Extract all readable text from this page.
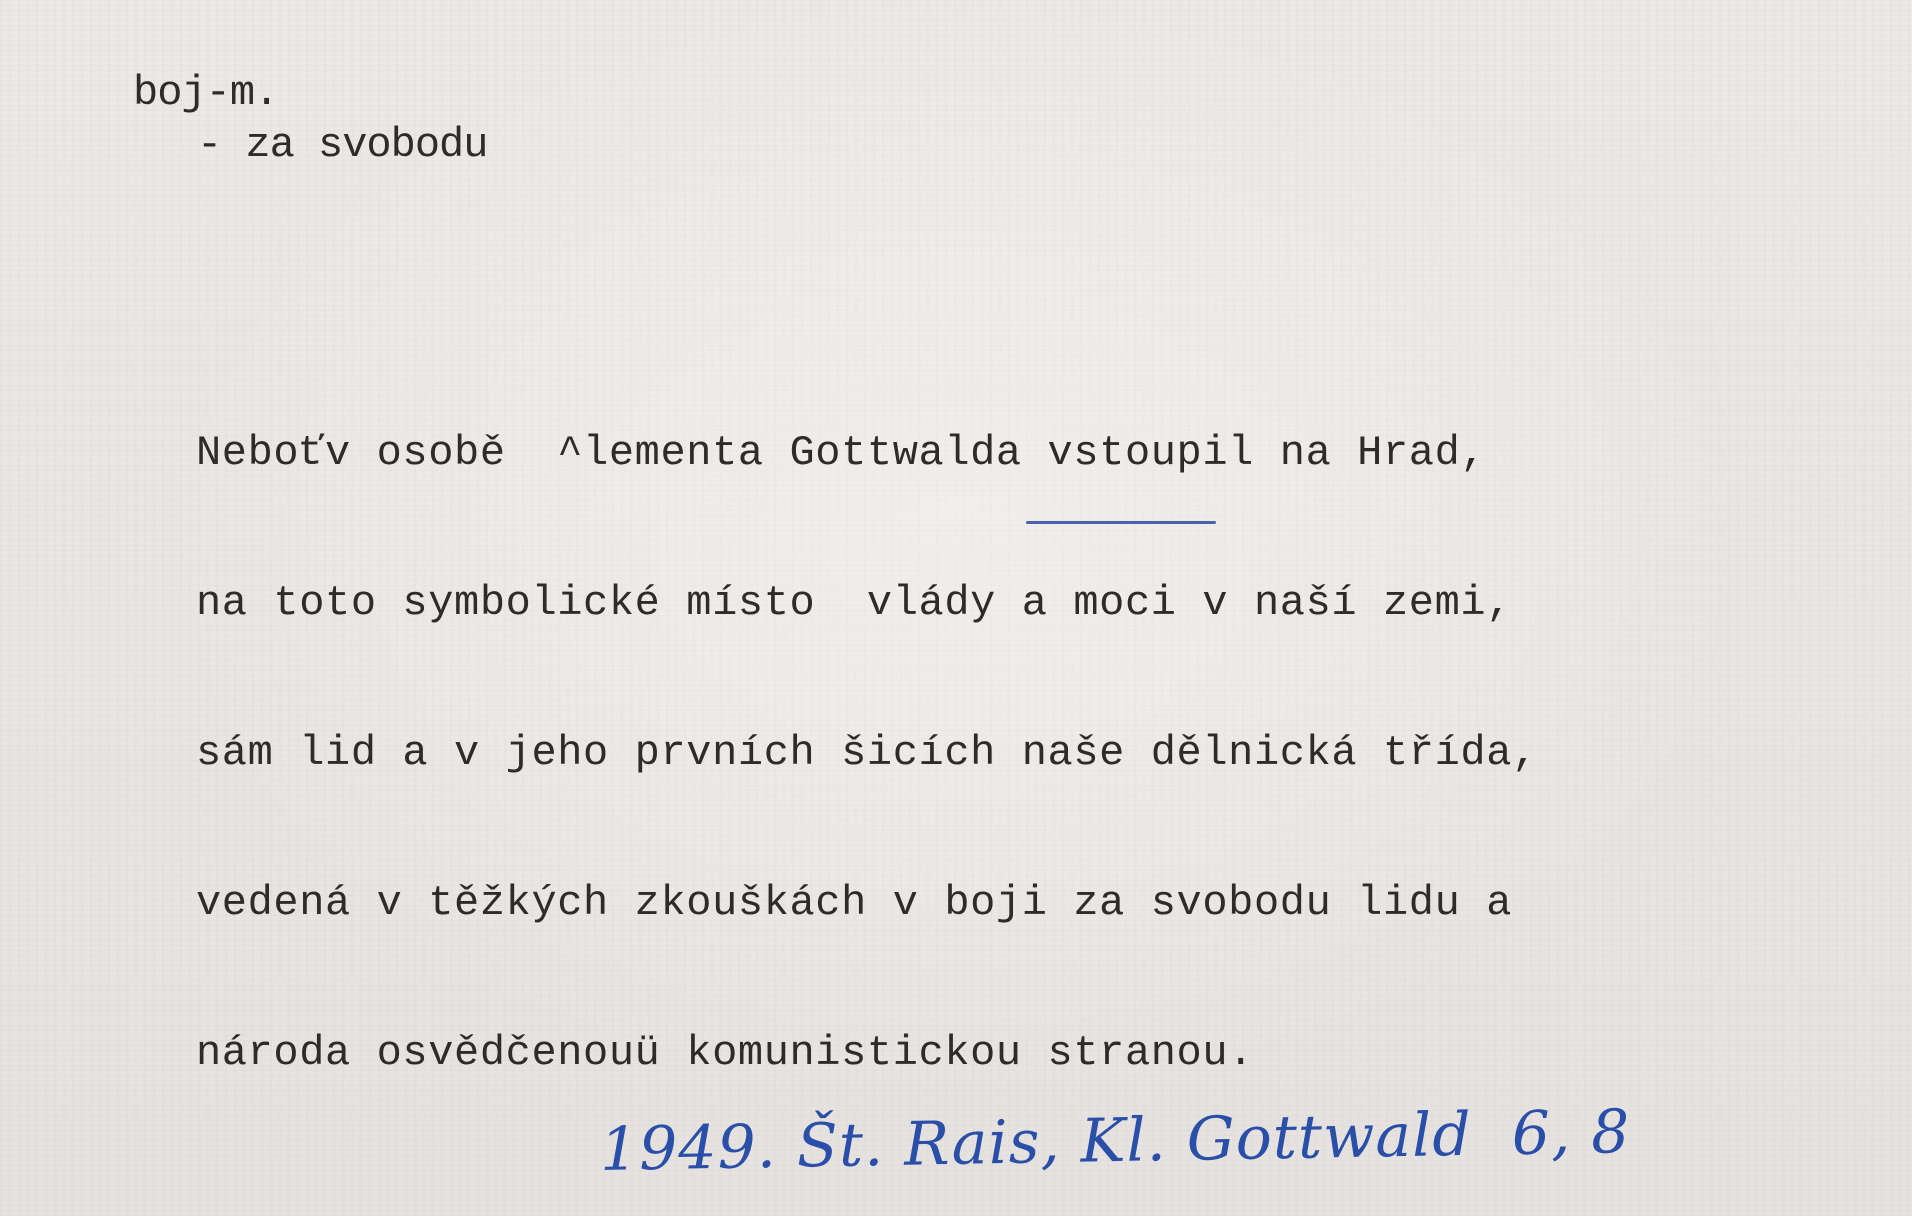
boj‑m.
- za svobodu

Neboťv osobě  ^lementa Gottwalda vstoupil na Hrad,

na toto symbolické místo  vlády a moci v naší zemi,

sám lid a v jeho prvních šicích naše dělnická třída,

vedená v těžkých zkouškách v boji za svobodu lidu a

národa osvědčenouü komunistickou stranou.

1949. Št. Rais, Kl. Gottwald  6, 8
